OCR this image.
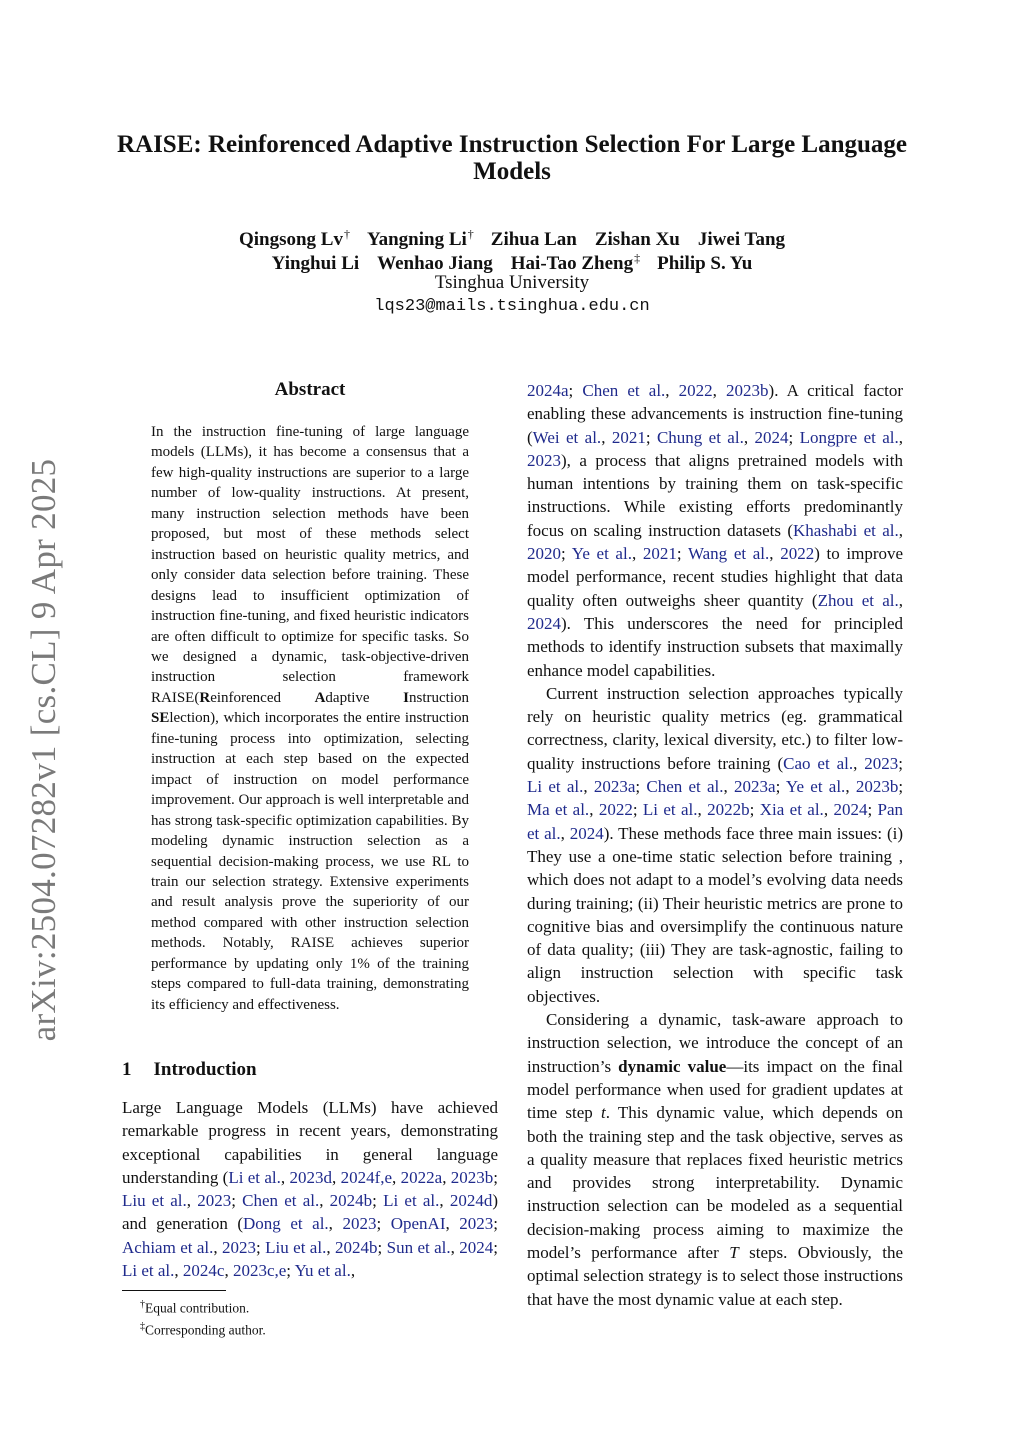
arXiv:2504.07282v1 [cs.CL] 9 Apr 2025
RAISE: Reinforenced Adaptive Instruction Selection For Large Language Models
Qingsong Lv† Yangning Li† Zihua Lan Zishan Xu Jiwei Tang
Yinghui Li Wenhao Jiang Hai-Tao Zheng‡ Philip S. Yu
Tsinghua University
lqs23@mails.tsinghua.edu.cn
Abstract
In the instruction fine-tuning of large language models (LLMs), it has become a consensus that a few high-quality instructions are superior to a large number of low-quality instructions. At present, many instruction selection methods have been proposed, but most of these methods select instruction based on heuristic quality metrics, and only consider data selection before training. These designs lead to insufficient optimization of instruction fine-tuning, and fixed heuristic indicators are often difficult to optimize for specific tasks. So we designed a dynamic, task-objective-driven instruction selection framework RAISE(Reinforenced Adaptive Instruction SElection), which incorporates the entire instruction fine-tuning process into optimization, selecting instruction at each step based on the expected impact of instruction on model performance improvement. Our approach is well interpretable and has strong task-specific optimization capabilities. By modeling dynamic instruction selection as a sequential decision-making process, we use RL to train our selection strategy. Extensive experiments and result analysis prove the superiority of our method compared with other instruction selection methods. Notably, RAISE achieves superior performance by updating only 1% of the training steps compared to full-data training, demonstrating its efficiency and effectiveness.
1 Introduction

Large Language Models (LLMs) have achieved remarkable progress in recent years, demonstrating exceptional capabilities in general language understanding (Li et al., 2023d, 2024f,e, 2022a, 2023b; Liu et al., 2023; Chen et al., 2024b; Li et al., 2024d) and generation (Dong et al., 2023; OpenAI, 2023; Achiam et al., 2023; Liu et al., 2024b; Sun et al., 2024; Li et al., 2024c, 2023c,e; Yu et al.,

†Equal contribution.
‡Corresponding author.

2024a; Chen et al., 2022, 2023b). A critical factor enabling these advancements is instruction fine-tuning (Wei et al., 2021; Chung et al., 2024; Longpre et al., 2023), a process that aligns pretrained models with human intentions by training them on task-specific instructions. While existing efforts predominantly focus on scaling instruction datasets (Khashabi et al., 2020; Ye et al., 2021; Wang et al., 2022) to improve model performance, recent studies highlight that data quality often outweighs sheer quantity (Zhou et al., 2024). This underscores the need for principled methods to identify instruction subsets that maximally enhance model capabilities.

Current instruction selection approaches typically rely on heuristic quality metrics (eg. grammatical correctness, clarity, lexical diversity, etc.) to filter low-quality instructions before training (Cao et al., 2023; Li et al., 2023a; Chen et al., 2023a; Ye et al., 2023b; Ma et al., 2022; Li et al., 2022b; Xia et al., 2024; Pan et al., 2024). These methods face three main issues: (i) They use a one-time static selection before training , which does not adapt to a model’s evolving data needs during training; (ii) Their heuristic metrics are prone to cognitive bias and oversimplify the continuous nature of data quality; (iii) They are task-agnostic, failing to align instruction selection with specific task objectives.

Considering a dynamic, task-aware approach to instruction selection, we introduce the concept of an instruction’s dynamic value—its impact on the final model performance when used for gradient updates at time step t. This dynamic value, which depends on both the training step and the task objective, serves as a quality measure that replaces fixed heuristic metrics and provides strong interpretability. Dynamic instruction selection can be modeled as a sequential decision-making process aiming to maximize the model’s performance after T steps. Obviously, the optimal selection strategy is to select those instructions that have the most dynamic value at each step.
